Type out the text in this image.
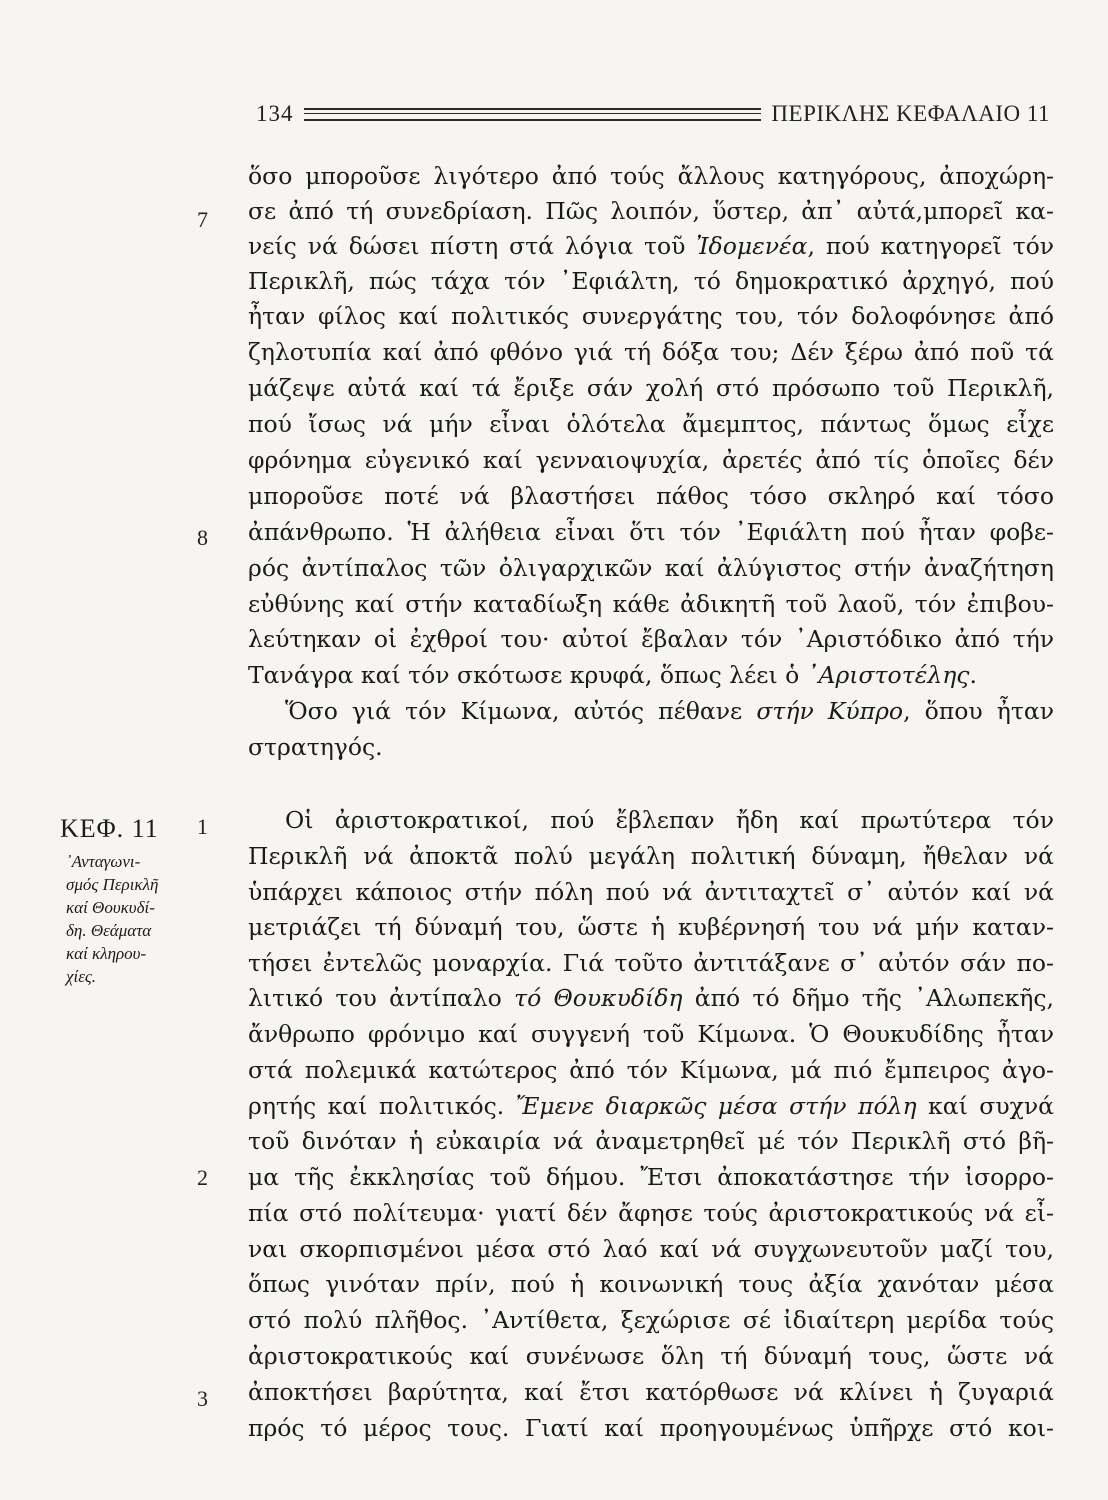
134	ΠΕΡΙΚΛΗΣ ΚΕΦΑΛΑΙΟ 11
7
8
1
2
3
ΚΕΦ. 11
᾿Ανταγωνι-
σμός Περικλῆ
καί Θουκυδί-
δη. Θεάματα
καί κληρου-
χίες.
ὅσο μποροῦσε λιγότερο ἀπό τούς ἄλλους κατηγόρους, ἀποχώρη-
σε ἀπό τή συνεδρίαση. Πῶς λοιπόν, ὕστερ, ἀπ᾿ αὐτά,μπορεῖ κα-
νείς νά δώσει πίστη στά λόγια τοῦ Ἰδομενέα, πού κατηγορεῖ τόν
Περικλῆ, πώς τάχα τόν ᾿Εφιάλτη, τό δημοκρατικό ἀρχηγό, πού
ἦταν φίλος καί πολιτικός συνεργάτης του, τόν δολοφόνησε ἀπό
ζηλοτυπία καί ἀπό φθόνο γιά τή δόξα του; Δέν ξέρω ἀπό ποῦ τά
μάζεψε αὐτά καί τά ἔριξε σάν χολή στό πρόσωπο τοῦ Περικλῆ,
πού ἴσως νά μήν εἶναι ὁλότελα ἄμεμπτος, πάντως ὅμως εἶχε
φρόνημα εὐγενικό καί γενναιοψυχία, ἀρετές ἀπό τίς ὁποῖες δέν
μποροῦσε ποτέ νά βλαστήσει πάθος τόσο σκληρό καί τόσο
ἀπάνθρωπο. Ἡ ἀλήθεια εἶναι ὅτι τόν ᾿Εφιάλτη πού ἦταν φοβε-
ρός ἀντίπαλος τῶν ὀλιγαρχικῶν καί ἀλύγιστος στήν ἀναζήτηση
εὐθύνης καί στήν καταδίωξη κάθε ἀδικητῆ τοῦ λαοῦ, τόν ἐπιβου-
λεύτηκαν οἱ ἐχθροί του· αὐτοί ἔβαλαν τόν ᾿Αριστόδικο ἀπό τήν
Τανάγρα καί τόν σκότωσε κρυφά, ὅπως λέει ὁ ᾿Αριστοτέλης.
Ὅσο γιά τόν Κίμωνα, αὐτός πέθανε στήν Κύπρο, ὅπου ἦταν
στρατηγός.
Οἱ ἀριστοκρατικοί, πού ἔβλεπαν ἤδη καί πρωτύτερα τόν
Περικλῆ νά ἀποκτᾶ πολύ μεγάλη πολιτική δύναμη, ἤθελαν νά
ὑπάρχει κάποιος στήν πόλη πού νά ἀντιταχτεῖ σ᾿ αὐτόν καί νά
μετριάζει τή δύναμή του, ὥστε ἡ κυβέρνησή του νά μήν καταν-
τήσει ἐντελῶς μοναρχία. Γιά τοῦτο ἀντιτάξανε σ᾿ αὐτόν σάν πο-
λιτικό του ἀντίπαλο τό Θουκυδίδη ἀπό τό δῆμο τῆς ᾿Αλωπεκῆς,
ἄνθρωπο φρόνιμο καί συγγενή τοῦ Κίμωνα. Ὁ Θουκυδίδης ἦταν
στά πολεμικά κατώτερος ἀπό τόν Κίμωνα, μά πιό ἔμπειρος ἀγο-
ρητής καί πολιτικός. Ἔμενε διαρκῶς μέσα στήν πόλη καί συχνά
τοῦ δινόταν ἡ εὐκαιρία νά ἀναμετρηθεῖ μέ τόν Περικλῆ στό βῆ-
μα τῆς ἐκκλησίας τοῦ δήμου. Ἔτσι ἀποκατάστησε τήν ἰσορρο-
πία στό πολίτευμα· γιατί δέν ἄφησε τούς ἀριστοκρατικούς νά εἶ-
ναι σκορπισμένοι μέσα στό λαό καί νά συγχωνευτοῦν μαζί του,
ὅπως γινόταν πρίν, πού ἡ κοινωνική τους ἀξία χανόταν μέσα
στό πολύ πλῆθος. ᾿Αντίθετα, ξεχώρισε σέ ἰδιαίτερη μερίδα τούς
ἀριστοκρατικούς καί συνένωσε ὅλη τή δύναμή τους, ὥστε νά
ἀποκτήσει βαρύτητα, καί ἔτσι κατόρθωσε νά κλίνει ἡ ζυγαριά
πρός τό μέρος τους. Γιατί καί προηγουμένως ὑπῆρχε στό κοι-
